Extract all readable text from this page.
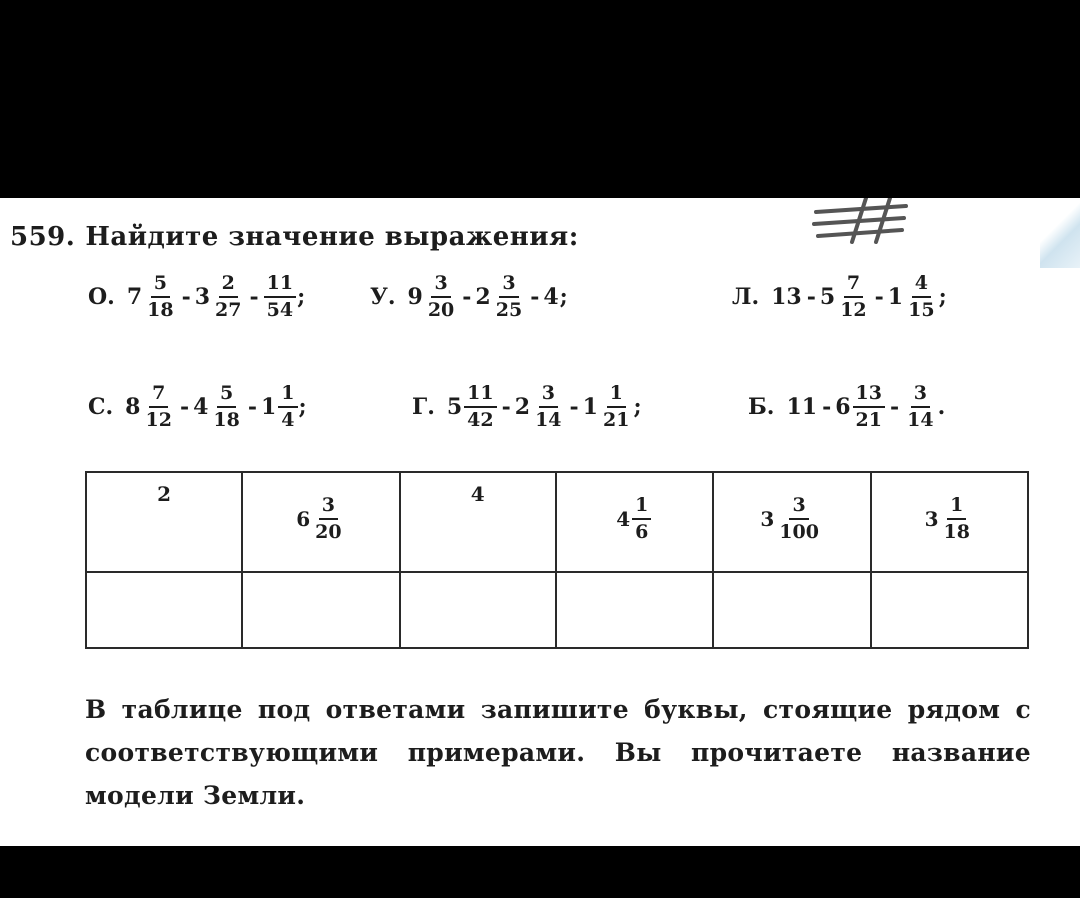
559. Найдите значение выражения:
О. $7 \frac{5}{18} - 3 \frac{2}{27} - \frac{11}{54}$ ;	У. $9 \frac{3}{20} - 2 \frac{3}{25} - 4$ ;	Л. $13 - 5 \frac{7}{12} - 1 \frac{4}{15}$ ;
С. $8 \frac{7}{12} - 4 \frac{5}{18} - 1 \frac{1}{4}$ ;	Г. $5 \frac{11}{42} - 2 \frac{3}{14} - 1 \frac{1}{21}$ ;	Б. $11 - 6 \frac{13}{21} - \frac{3}{14}$ .
2	$6 \frac{3}{20}$	4	$4 \frac{1}{6}$	$3 \frac{3}{100}$	$3 \frac{1}{18}$

В таблице под ответами запишите буквы, стоящие рядом с соответствующими примерами. Вы прочитаете название модели Земли.
